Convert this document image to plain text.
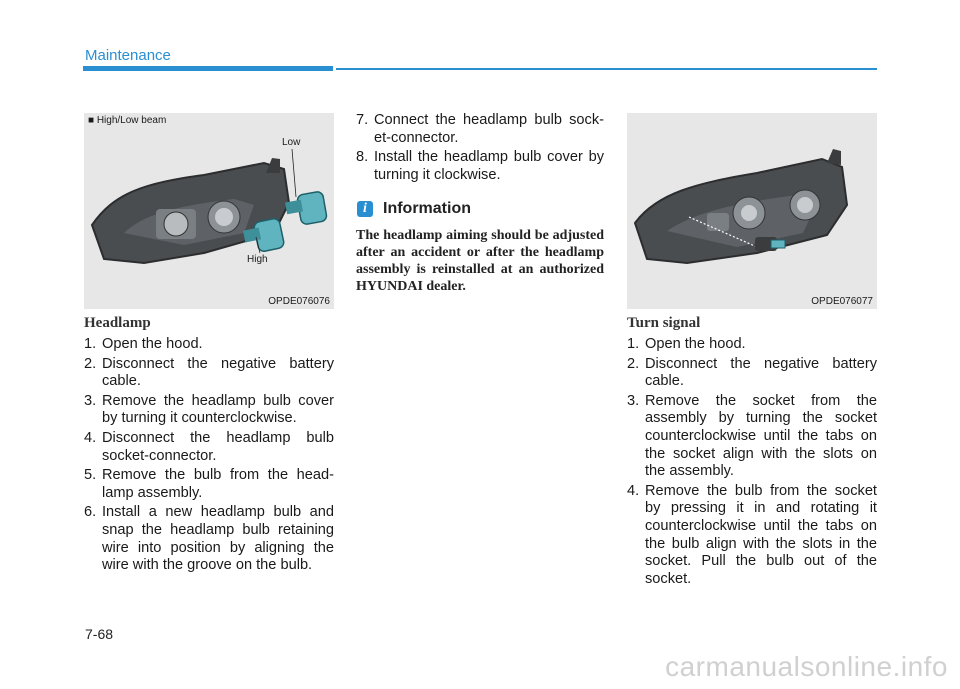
Maintenance
■ High/Low beam
Low
High
OPDE076076	OPDE076077
Headlamp
1. Open the hood.
2. Disconnect the negative battery cable.
3. Remove the headlamp bulb cover by turning it counterclockwise.
4. Disconnect the headlamp bulb socket-connector.
5. Remove the bulb from the head-lamp assembly.
6. Install a new headlamp bulb and snap the headlamp bulb retaining wire into position by aligning the wire with the groove on the bulb.
7. Connect the headlamp bulb sock-et-connector.
8. Install the headlamp bulb cover by turning it clockwise.
i	Information

The headlamp aiming should be adjusted after an accident or after the headlamp assembly is reinstalled at an authorized HYUNDAI dealer.

Turn signal
1. Open the hood.
2. Disconnect the negative battery cable.
3. Remove the socket from the assembly by turning the socket counterclockwise until the tabs on the socket align with the slots on the assembly.
4. Remove the bulb from the socket by pressing it in and rotating it counterclockwise until the tabs on the bulb align with the slots in the socket. Pull the bulb out of the socket.
7-68
carmanualsonline.info
